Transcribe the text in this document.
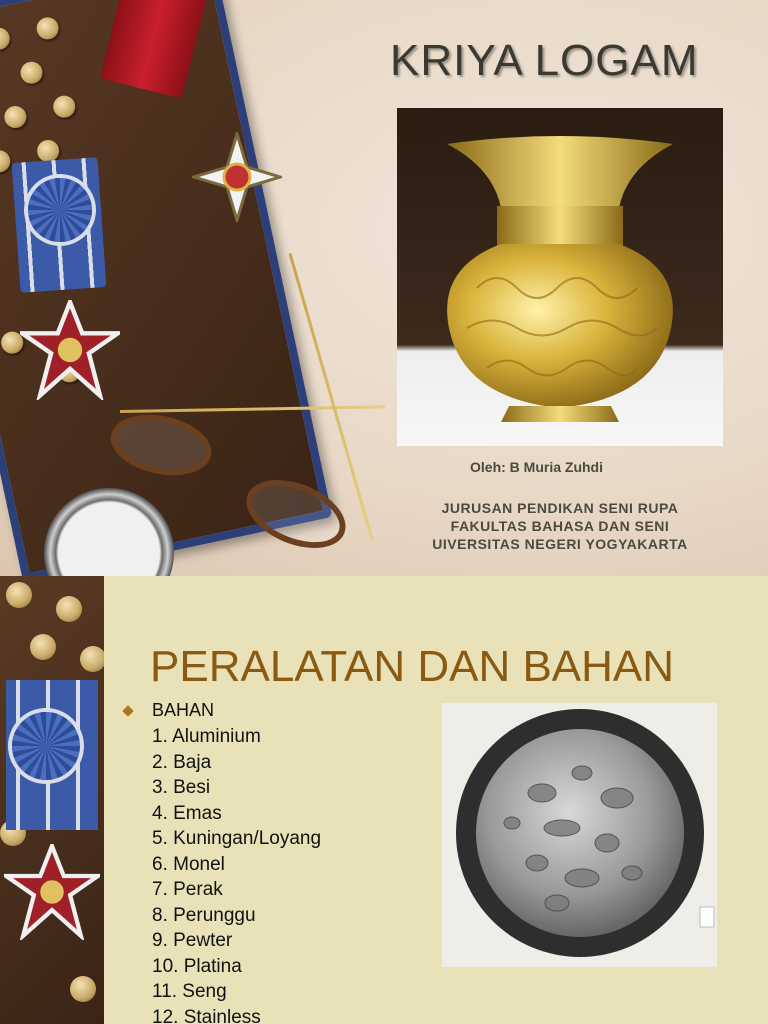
KRIYA LOGAM
Oleh: B Muria Zuhdi
JURUSAN PENDIKAN SENI RUPA
FAKULTAS BAHASA DAN SENI
UIVERSITAS NEGERI YOGYAKARTA
PERALATAN DAN BAHAN
BAHAN
1. Aluminium
2. Baja
3. Besi
4. Emas
5. Kuningan/Loyang
6. Monel
7. Perak
8. Perunggu
9. Pewter
10. Platina
11. Seng
12. Stainless
